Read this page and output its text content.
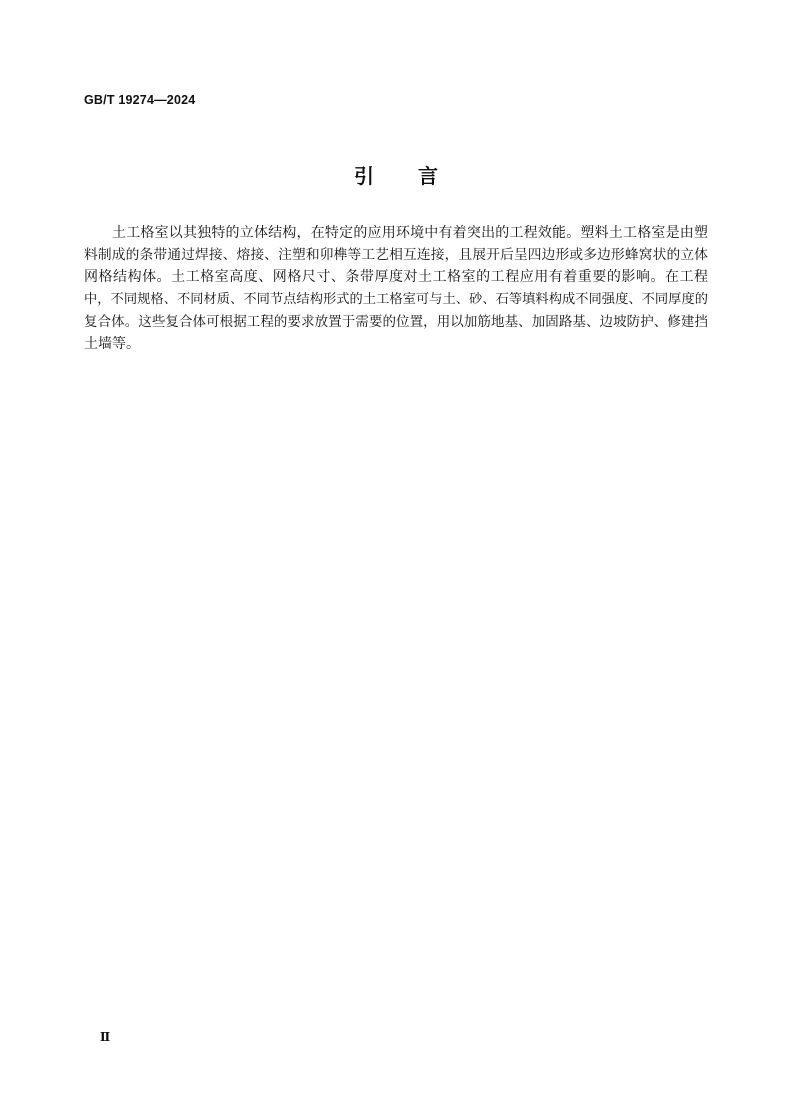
GB/T 19274—2024
引 言
土工格室以其独特的立体结构，在特定的应用环境中有着突出的工程效能。塑料土工格室是由塑
料制成的条带通过焊接、熔接、注塑和卯榫等工艺相互连接，且展开后呈四边形或多边形蜂窝状的立体
网格结构体。土工格室高度、网格尺寸、条带厚度对土工格室的工程应用有着重要的影响。在工程
中，不同规格、不同材质、不同节点结构形式的土工格室可与土、砂、石等填料构成不同强度、不同厚度的
复合体。这些复合体可根据工程的要求放置于需要的位置，用以加筋地基、加固路基、边坡防护、修建挡
土墙等。
Ⅱ
